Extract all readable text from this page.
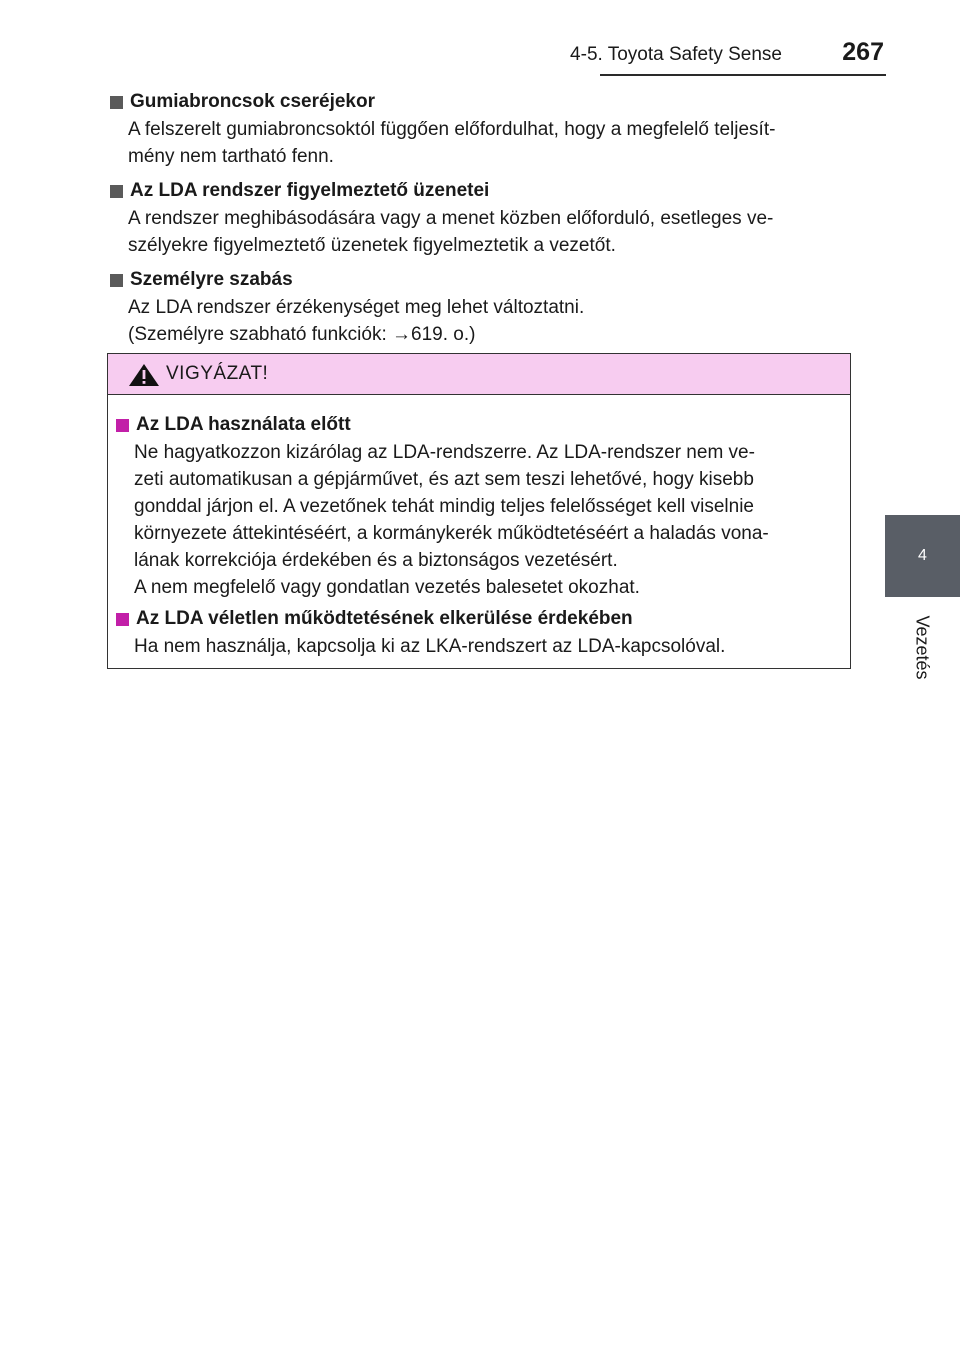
4-5. Toyota Safety Sense 267
4
Vezetés
Gumiabroncsok cseréjekor
A felszerelt gumiabroncsoktól függően előfordulhat, hogy a megfelelő teljesít-
mény nem tartható fenn.
Az LDA rendszer figyelmeztető üzenetei
A rendszer meghibásodására vagy a menet közben előforduló, esetleges ve-
szélyekre figyelmeztető üzenetek figyelmeztetik a vezetőt.
Személyre szabás
Az LDA rendszer érzékenységet meg lehet változtatni.
(Személyre szabható funkciók: →619. o.)
VIGYÁZAT!
Az LDA használata előtt
Ne hagyatkozzon kizárólag az LDA-rendszerre. Az LDA-rendszer nem ve-
zeti automatikusan a gépjárművet, és azt sem teszi lehetővé, hogy kisebb
gonddal járjon el. A vezetőnek tehát mindig teljes felelősséget kell viselnie
környezete áttekintéséért, a kormánykerék működtetéséért a haladás vona-
lának korrekciója érdekében és a biztonságos vezetésért.
A nem megfelelő vagy gondatlan vezetés balesetet okozhat.
Az LDA véletlen működtetésének elkerülése érdekében
Ha nem használja, kapcsolja ki az LKA-rendszert az LDA-kapcsolóval.
